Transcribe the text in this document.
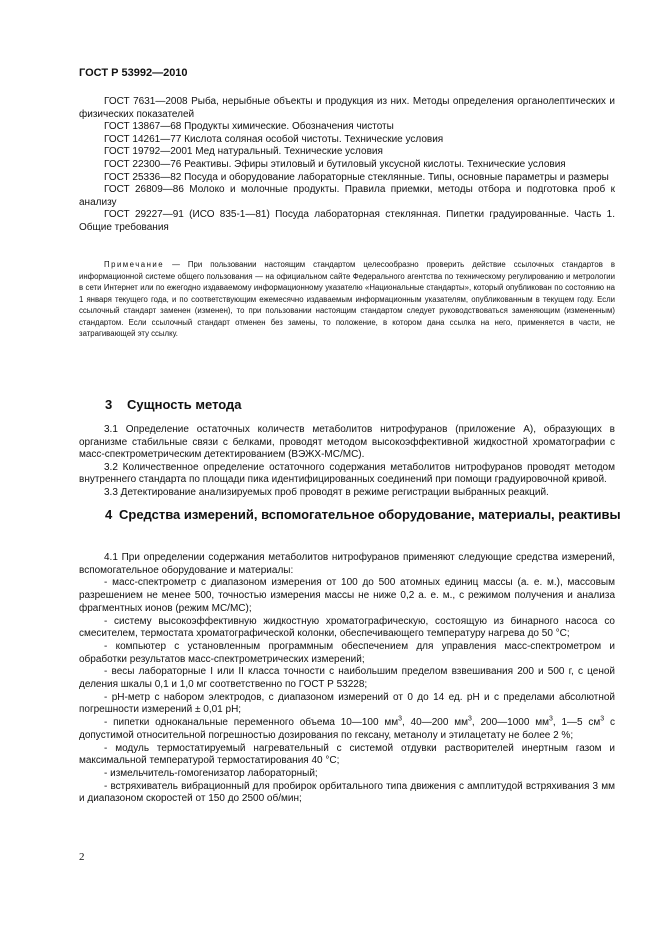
ГОСТ Р 53992—2010

ГОСТ 7631—2008 Рыба, нерыбные объекты и продукция из них. Методы определения органолептических и физических показателей

ГОСТ 13867—68 Продукты химические. Обозначения чистоты

ГОСТ 14261—77 Кислота соляная особой чистоты. Технические условия

ГОСТ 19792—2001 Мед натуральный. Технические условия

ГОСТ 22300—76 Реактивы. Эфиры этиловый и бутиловый уксусной кислоты. Технические условия

ГОСТ 25336—82 Посуда и оборудование лабораторные стеклянные. Типы, основные параметры и размеры

ГОСТ 26809—86 Молоко и молочные продукты. Правила приемки, методы отбора и подготовка проб к анализу

ГОСТ 29227—91 (ИСО 835-1—81) Посуда лабораторная стеклянная. Пипетки градуированные. Часть 1. Общие требования

Примечание — При пользовании настоящим стандартом целесообразно проверить действие ссылочных стандартов в информационной системе общего пользования — на официальном сайте Федерального агентства по техническому регулированию и метрологии в сети Интернет или по ежегодно издаваемому информационному указателю «Национальные стандарты», который опубликован по состоянию на 1 января текущего года, и по соответствующим ежемесячно издаваемым информационным указателям, опубликованным в текущем году. Если ссылочный стандарт заменен (изменен), то при пользовании настоящим стандартом следует руководствоваться заменяющим (измененным) стандартом. Если ссылочный стандарт отменен без замены, то положение, в котором дана ссылка на него, применяется в части, не затрагивающей эту ссылку.

3 Сущность метода

3.1 Определение остаточных количеств метаболитов нитрофуранов (приложение А), образующих в организме стабильные связи с белками, проводят методом высокоэффективной жидкостной хроматографии с масс-спектрометрическим детектированием (ВЭЖХ-МС/МС).

3.2 Количественное определение остаточного содержания метаболитов нитрофуранов проводят методом внутреннего стандарта по площади пика идентифицированных соединений при помощи градуировочной кривой.

3.3 Детектирование анализируемых проб проводят в режиме регистрации выбранных реакций.

4 Средства измерений, вспомогательное оборудование, материалы, реактивы

4.1 При определении содержания метаболитов нитрофуранов применяют следующие средства измерений, вспомогательное оборудование и материалы:

- масс-спектрометр с диапазоном измерения от 100 до 500 атомных единиц массы (а. е. м.), массовым разрешением не менее 500, точностью измерения массы не ниже 0,2 а. е. м., с режимом получения и анализа фрагментных ионов (режим МС/МС);

- систему высокоэффективную жидкостную хроматографическую, состоящую из бинарного насоса со смесителем, термостата хроматографической колонки, обеспечивающего температуру нагрева до 50 °С;

- компьютер с установленным программным обеспечением для управления масс-спектрометром и обработки результатов масс-спектрометрических измерений;

- весы лабораторные I или II класса точности с наибольшим пределом взвешивания 200 и 500 г, с ценой деления шкалы 0,1 и 1,0 мг соответственно по ГОСТ Р 53228;

- рН-метр с набором электродов, с диапазоном измерений от 0 до 14 ед. рН и с пределами абсолютной погрешности измерений ± 0,01 рН;

- пипетки одноканальные переменного объема 10—100 $мм^3$, 40—200 $мм^3$, 200—1000 $мм^3$, 1—5 $см^3$ с допустимой относительной погрешностью дозирования по гексану, метанолу и этилацетату не более 2 %;

- модуль термостатируемый нагревательный с системой отдувки растворителей инертным газом и максимальной температурой термостатирования 40 °С;

- измельчитель-гомогенизатор лабораторный;

- встряхиватель вибрационный для пробирок орбитального типа движения с амплитудой встряхивания 3 мм и диапазоном скоростей от 150 до 2500 об/мин;

2
